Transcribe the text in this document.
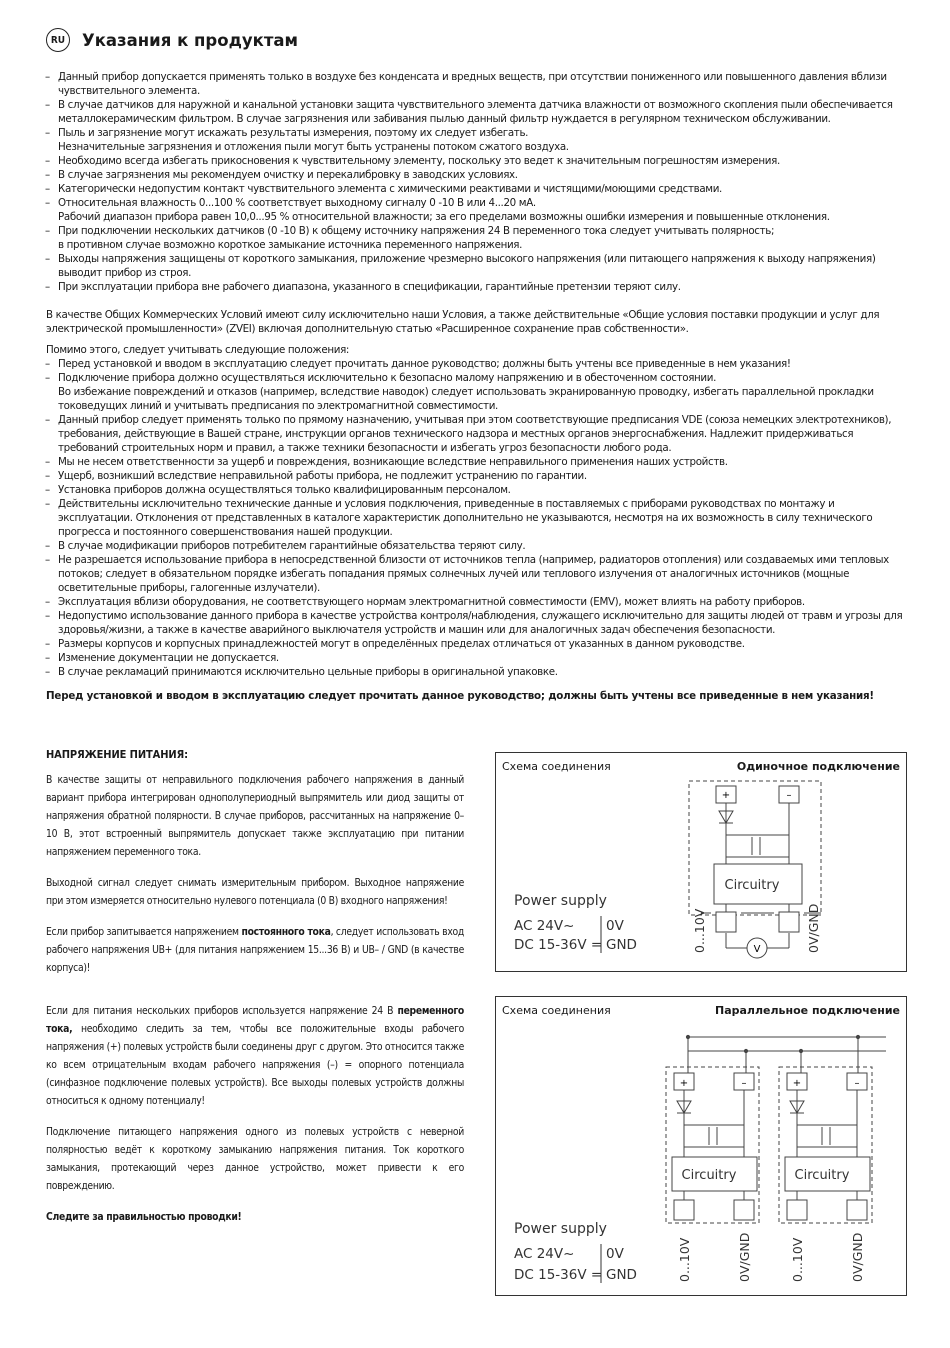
RU Указания к продуктам
– Данный прибор допускается применять только в воздухе без конденсата и вредных веществ, при отсутствии пониженного или повышенного давления вблизи чувствительного элемента.
– В случае датчиков для наружной и канальной установки защита чувствительного элемента датчика влажности от возможного скопления пыли обеспечивается металлокерамическим фильтром. В случае загрязнения или забивания пылью данный фильтр нуждается в регулярном техническом обслуживании.
– Пыль и загрязнение могут искажать результаты измерения, поэтому их следует избегать.
Незначительные загрязнения и отложения пыли могут быть устранены потоком сжатого воздуха.
– Необходимо всегда избегать прикосновения к чувствительному элементу, поскольку это ведет к значительным погрешностям измерения.
– В случае загрязнения мы рекомендуем очистку и перекалибровку в заводских условиях.
– Категорически недопустим контакт чувствительного элемента с химическими реактивами и чистящими/моющими средствами.
– Относительная влажность 0...100 % соответствует выходному сигналу 0 -10 В или 4...20 мА.
Рабочий диапазон прибора равен 10,0...95 % относительной влажности; за его пределами возможны ошибки измерения и повышенные отклонения.
– При подключении нескольких датчиков (0 -10 В) к общему источнику напряжения 24 В переменного тока следует учитывать полярность;
в противном случае возможно короткое замыкание источника переменного напряжения.
– Выходы напряжения защищены от короткого замыкания, приложение чрезмерно высокого напряжения (или питающего напряжения к выходу напряжения) выводит прибор из строя.
– При эксплуатации прибора вне рабочего диапазона, указанного в спецификации, гарантийные претензии теряют силу.

В качестве Общих Коммерческих Условий имеют силу исключительно наши Условия, а также действительные «Общие условия поставки продукции и услуг для электрической промышленности» (ZVEI) включая дополнительную статью «Расширенное сохранение прав собственности».

Помимо этого, следует учитывать следующие положения:

– Перед установкой и вводом в эксплуатацию следует прочитать данное руководство; должны быть учтены все приведенные в нем указания!
– Подключение прибора должно осуществляться исключительно к безопасно малому напряжению и в обесточенном состоянии.
Во избежание повреждений и отказов (например, вследствие наводок) следует использовать экранированную проводку, избегать параллельной прокладки токоведущих линий и учитывать предписания по электромагнитной совместимости.
– Данный прибор следует применять только по прямому назначению, учитывая при этом соответствующие предписания VDE (союза немецких электротехников), требования, действующие в Вашей стране, инструкции органов технического надзора и местных органов энергоснабжения. Надлежит придерживаться требований строительных норм и правил, а также техники безопасности и избегать угроз безопасности любого рода.
– Мы не несем ответственности за ущерб и повреждения, возникающие вследствие неправильного применения наших устройств.
– Ущерб, возникший вследствие неправильной работы прибора, не подлежит устранению по гарантии.
– Установка приборов должна осуществляться только квалифицированным персоналом.
– Действительны исключительно технические данные и условия подключения, приведенные в поставляемых с приборами руководствах по монтажу и эксплуатации. Отклонения от представленных в каталоге характеристик дополнительно не указываются, несмотря на их возможность в силу технического прогресса и постоянного совершенствования нашей продукции.
– В случае модификации приборов потребителем гарантийные обязательства теряют силу.
– Не разрешается использование прибора в непосредственной близости от источников тепла (например, радиаторов отопления) или создаваемых ими тепловых потоков; следует в обязательном порядке избегать попадания прямых солнечных лучей или теплового излучения от аналогичных источников (мощные осветительные приборы, галогенные излучатели).
– Эксплуатация вблизи оборудования, не соответствующего нормам электромагнитной совместимости (EMV), может влиять на работу приборов.
– Недопустимо использование данного прибора в качестве устройства контроля/наблюдения, служащего исключительно для защиты людей от травм и угрозы для здоровья/жизни, а также в качестве аварийного выключателя устройств и машин или для аналогичных задач обеспечения безопасности.
– Размеры корпусов и корпусных принадлежностей могут в определённых пределах отличаться от указанных в данном руководстве.
– Изменение документации не допускается.
– В случае рекламаций принимаются исключительно цельные приборы в оригинальной упаковке.
Перед установкой и вводом в эксплуатацию следует прочитать данное руководство; должны быть учтены все приведенные в нем указания!
НАПРЯЖЕНИЕ ПИТАНИЯ:

В качестве защиты от неправильного подключения рабочего напряжения в данный вариант прибора интегрирован однополупериодный выпрямитель или диод защиты от напряжения обратной полярности. В случае приборов, рассчитанных на напряжение 0–10 В, этот встроенный выпрямитель допускает также эксплуатацию при питании напряжением переменного тока.

Выходной сигнал следует снимать измерительным прибором. Выходное напряжение при этом измеряется относительно нулевого потенциала (0 В) входного напряжения!

Если прибор запитывается напряжением постоянного тока, следует использовать вход рабочего напряжения UB+ (для питания напряжением 15...36 В) и UB– / GND (в качестве корпуса)!

Если для питания нескольких приборов используется напряжение 24 В переменного тока, необходимо следить за тем, чтобы все положительные входы рабочего напряжения (+) полевых устройств были соединены друг с другом. Это относится также ко всем отрицательным входам рабочего напряжения (–) = опорного потенциала (синфазное подключение полевых устройств). Все выходы полевых устройств должны относиться к одному потенциалу!

Подключение питающего напряжения одного из полевых устройств с неверной полярностью ведёт к короткому замыканию напряжения питания. Ток короткого замыкания, протекающий через данное устройство, может привести к его повреждению.

Следите за правильностью проводки!

Схема соединения	Одиночное подключение
+	–
Circuitry
V
Power supply
AC 24V~
DC 15-36V =
0V
GND	0...10V	0V/GND
Схема соединения	Параллельное подключение
+	–	+	–
Circuitry	Circuitry
Power supply
AC 24V~
DC 15-36V =
0V
GND	0...10V	0V/GND	0...10V	0V/GND
